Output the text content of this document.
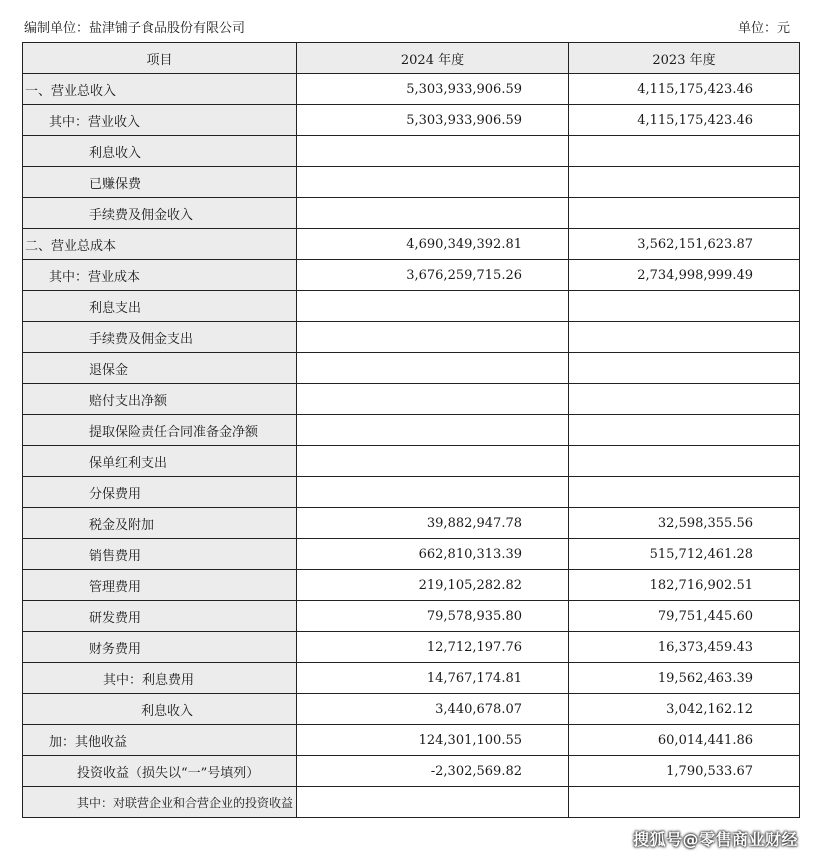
编制单位：盐津铺子食品股份有限公司	单位：元
项目	2024 年度	2023 年度
一、营业总收入	5,303,933,906.59	4,115,175,423.46
其中：营业收入	5,303,933,906.59	4,115,175,423.46
利息收入		
已赚保费		
手续费及佣金收入		
二、营业总成本	4,690,349,392.81	3,562,151,623.87
其中：营业成本	3,676,259,715.26	2,734,998,999.49
利息支出		
手续费及佣金支出		
退保金		
赔付支出净额		
提取保险责任合同准备金净额		
保单红利支出		
分保费用		
税金及附加	39,882,947.78	32,598,355.56
销售费用	662,810,313.39	515,712,461.28
管理费用	219,105,282.82	182,716,902.51
研发费用	79,578,935.80	79,751,445.60
财务费用	12,712,197.76	16,373,459.43
其中：利息费用	14,767,174.81	19,562,463.39
利息收入	3,440,678.07	3,042,162.12
加：其他收益	124,301,100.55	60,014,441.86
投资收益（损失以“一”号填列）	-2,302,569.82	1,790,533.67
其中：对联营企业和合营企业的投资收益		
搜狐号@零售商业财经
